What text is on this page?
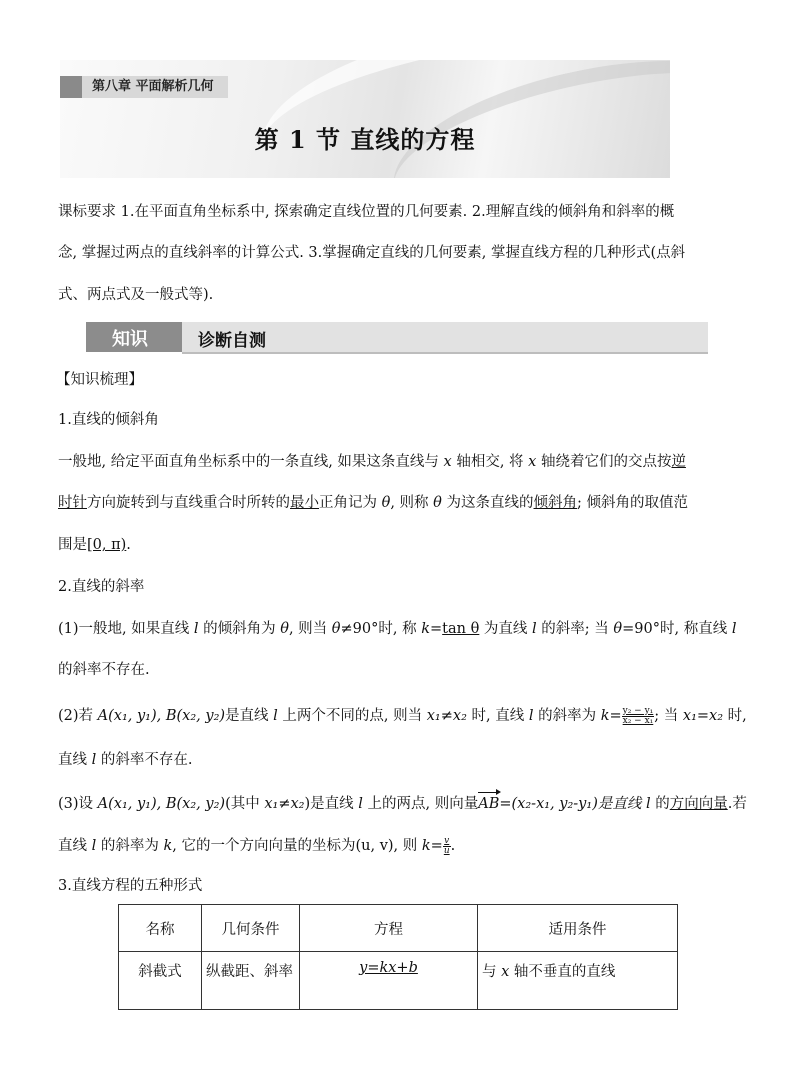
第八章 平面解析几何
第 1 节 直线的方程
课标要求 1.在平面直角坐标系中, 探索确定直线位置的几何要素. 2.理解直线的倾斜角和斜率的概
念, 掌握过两点的直线斜率的计算公式. 3.掌握确定直线的几何要素, 掌握直线方程的几种形式(点斜
式、两点式及一般式等).
知识	诊断自测
【知识梳理】
1.直线的倾斜角
一般地, 给定平面直角坐标系中的一条直线, 如果这条直线与 x 轴相交, 将 x 轴绕着它们的交点按逆
时针方向旋转到与直线重合时所转的最小正角记为 θ, 则称 θ 为这条直线的倾斜角; 倾斜角的取值范
围是[0, π).
2.直线的斜率
(1)一般地, 如果直线 l 的倾斜角为 θ, 则当 θ≠90°时, 称 k=tan θ 为直线 l 的斜率; 当 θ=90°时, 称直线 l
的斜率不存在.
(2)若 A(x₁, y₁), B(x₂, y₂)是直线 l 上两个不同的点, 则当 x₁≠x₂ 时, 直线 l 的斜率为 $k= \frac{\text{y₂ − y₁}}{\text{x₂ − x₁}}$ ; 当 x₁=x₂ 时,
直线 l 的斜率不存在.
(3)设 A(x₁, y₁), B(x₂, y₂)(其中 x₁≠x₂)是直线 l 上的两点, 则向量AB=(x₂-x₁, y₂-y₁)是直线 l 的方向向量.若
直线 l 的斜率为 k, 它的一个方向向量的坐标为(u, v), 则 $k= \frac{v}{u}$ .
3.直线方程的五种形式
名称	几何条件	方程	适用条件
斜截式	纵截距、斜率	y=kx+b	与 x 轴不垂直的直线
